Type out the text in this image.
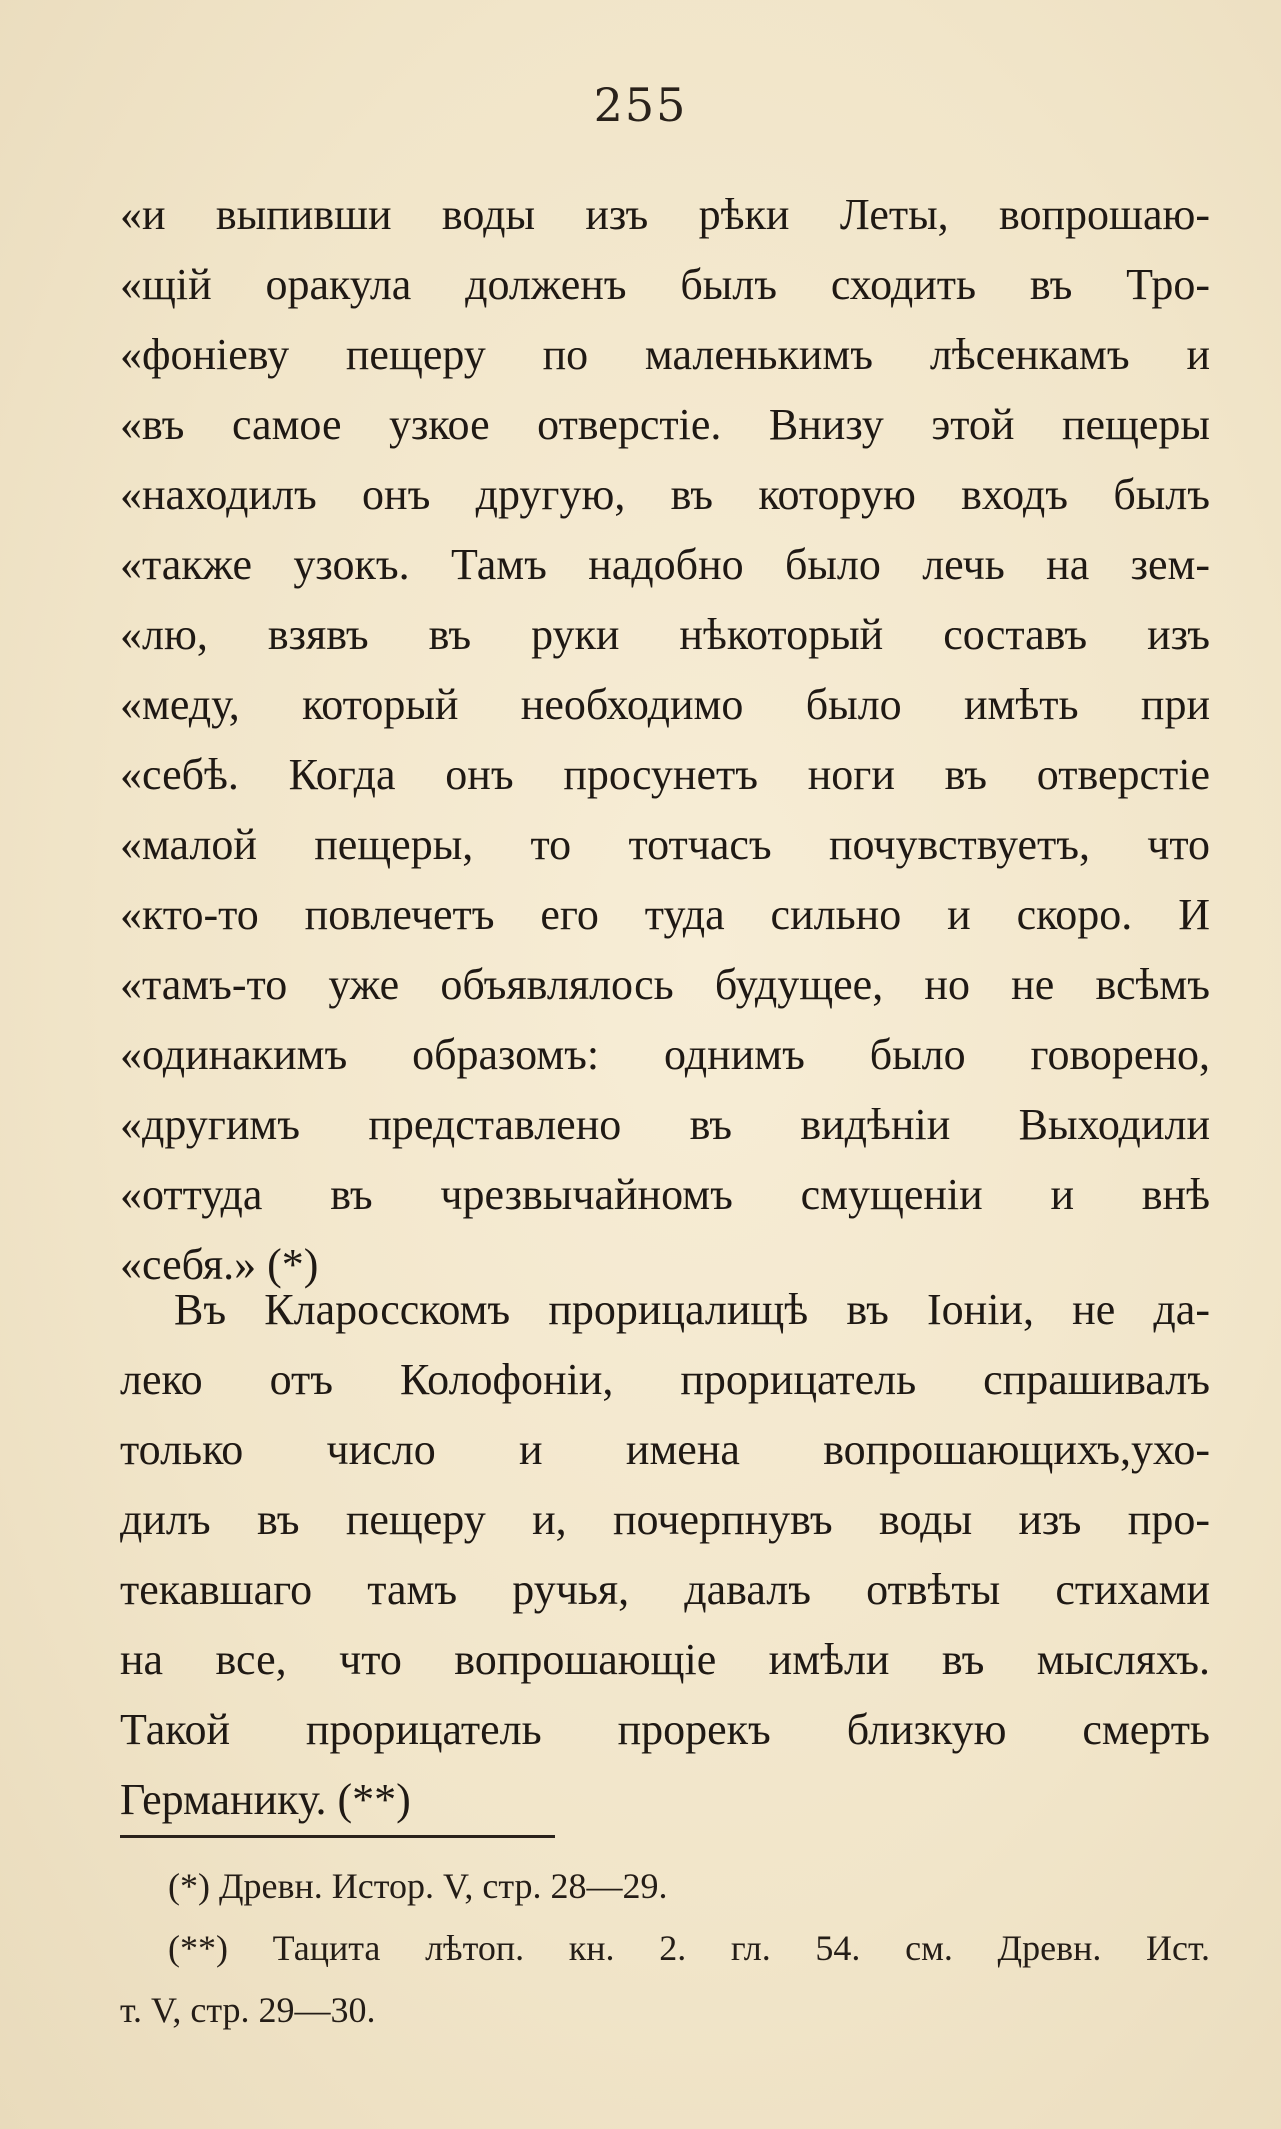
255
«и выпивши воды изъ рѣки Леты, вопрошаю-
«щій оракула долженъ былъ сходить въ Тро-
«фоніеву пещеру по маленькимъ лѣсенкамъ и
«въ самое узкое отверстіе. Внизу этой пещеры
«находилъ онъ другую, въ которую входъ былъ
«также узокъ. Тамъ надобно было лечь на зем-
«лю, взявъ въ руки нѣкоторый составъ изъ
«меду, который необходимо было имѣть при
«себѣ. Когда онъ просунетъ ноги въ отверстіе
«малой пещеры, то тотчасъ почувствуетъ, что
«кто-то повлечетъ его туда сильно и скоро. И
«тамъ-то уже объявлялось будущее, но не всѣмъ
«одинакимъ образомъ: однимъ было говорено,
«другимъ представлено въ видѣніи Выходили
«оттуда въ чрезвычайномъ смущеніи и внѣ
«себя.» (*)
Въ Кларосскомъ прорицалищѣ въ Іоніи, не да-
леко отъ Колофоніи, прорицатель спрашивалъ
только число и имена вопрошающихъ,ухо-
дилъ въ пещеру и, почерпнувъ воды изъ про-
текавшаго тамъ ручья, давалъ отвѣты стихами
на все, что вопрошающіе имѣли въ мысляхъ.
Такой прорицатель прорекъ близкую смерть
Германику. (**)
(*) Древн. Истор. V, стр. 28—29.
(**) Тацита лѣтоп. кн. 2. гл. 54. см. Древн. Ист.
т. V, стр. 29—30.
